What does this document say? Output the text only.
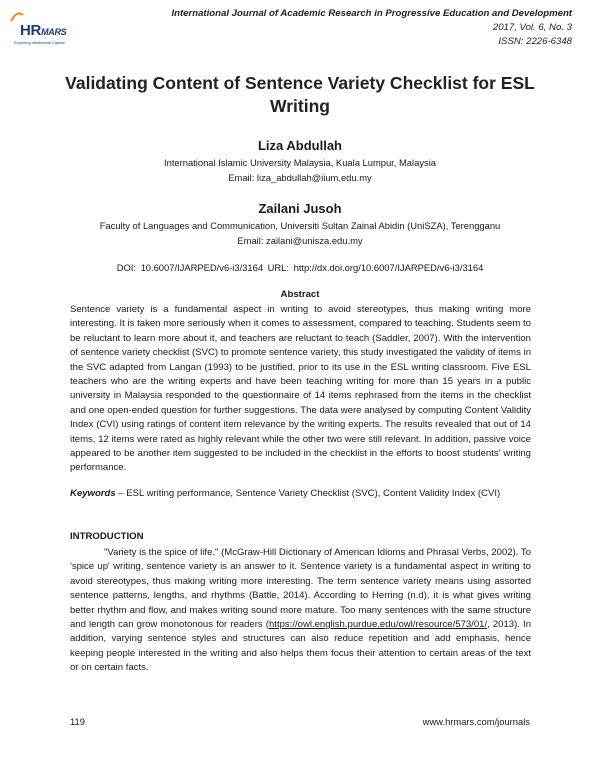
HRMARS
Exploring Intellectual Capital
International Journal of Academic Research in Progressive Education and Development
2017, Vol. 6, No. 3
ISSN: 2226-6348
Validating Content of Sentence Variety Checklist for ESL Writing
Liza Abdullah
International Islamic University Malaysia, Kuala Lumpur, Malaysia
Email: liza_abdullah@iium.edu.my
Zailani Jusoh
Faculty of Languages and Communication, Universiti Sultan Zainal Abidin (UniSZA), Terengganu
Email: zailani@unisza.edu.my
DOI: 10.6007/IJARPED/v6-i3/3164 URL: http://dx.doi.org/10.6007/IJARPED/v6-i3/3164
Abstract
Sentence variety is a fundamental aspect in writing to avoid stereotypes, thus making writing more interesting. It is taken more seriously when it comes to assessment, compared to teaching. Students seem to be reluctant to learn more about it, and teachers are reluctant to teach (Saddler, 2007). With the intervention of sentence variety checklist (SVC) to promote sentence variety, this study investigated the validity of items in the SVC adapted from Langan (1993) to be justified, prior to its use in the ESL writing classroom. Five ESL teachers who are the writing experts and have been teaching writing for more than 15 years in a public university in Malaysia responded to the questionnaire of 14 items rephrased from the items in the checklist and one open-ended question for further suggestions. The data were analysed by computing Content Validity Index (CVI) using ratings of content item relevance by the writing experts. The results revealed that out of 14 items, 12 items were rated as highly relevant while the other two were still relevant. In addition, passive voice appeared to be another item suggested to be included in the checklist in the efforts to boost students' writing performance.
Keywords – ESL writing performance, Sentence Variety Checklist (SVC), Content Validity Index (CVI)
INTRODUCTION
"Variety is the spice of life." (McGraw-Hill Dictionary of American Idioms and Phrasal Verbs, 2002). To 'spice up' writing, sentence variety is an answer to it. Sentence variety is a fundamental aspect in writing to avoid stereotypes, thus making writing more interesting. The term sentence variety means using assorted sentence patterns, lengths, and rhythms (Battle, 2014). According to Herring (n.d), it is what gives writing better rhythm and flow, and makes writing sound more mature. Too many sentences with the same structure and length can grow monotonous for readers (https://owl.english.purdue.edu/owl/resource/573/01/, 2013). In addition, varying sentence styles and structures can also reduce repetition and add emphasis, hence keeping people interested in the writing and also helps them focus their attention to certain areas of the text or on certain facts.
119	www.hrmars.com/journals
